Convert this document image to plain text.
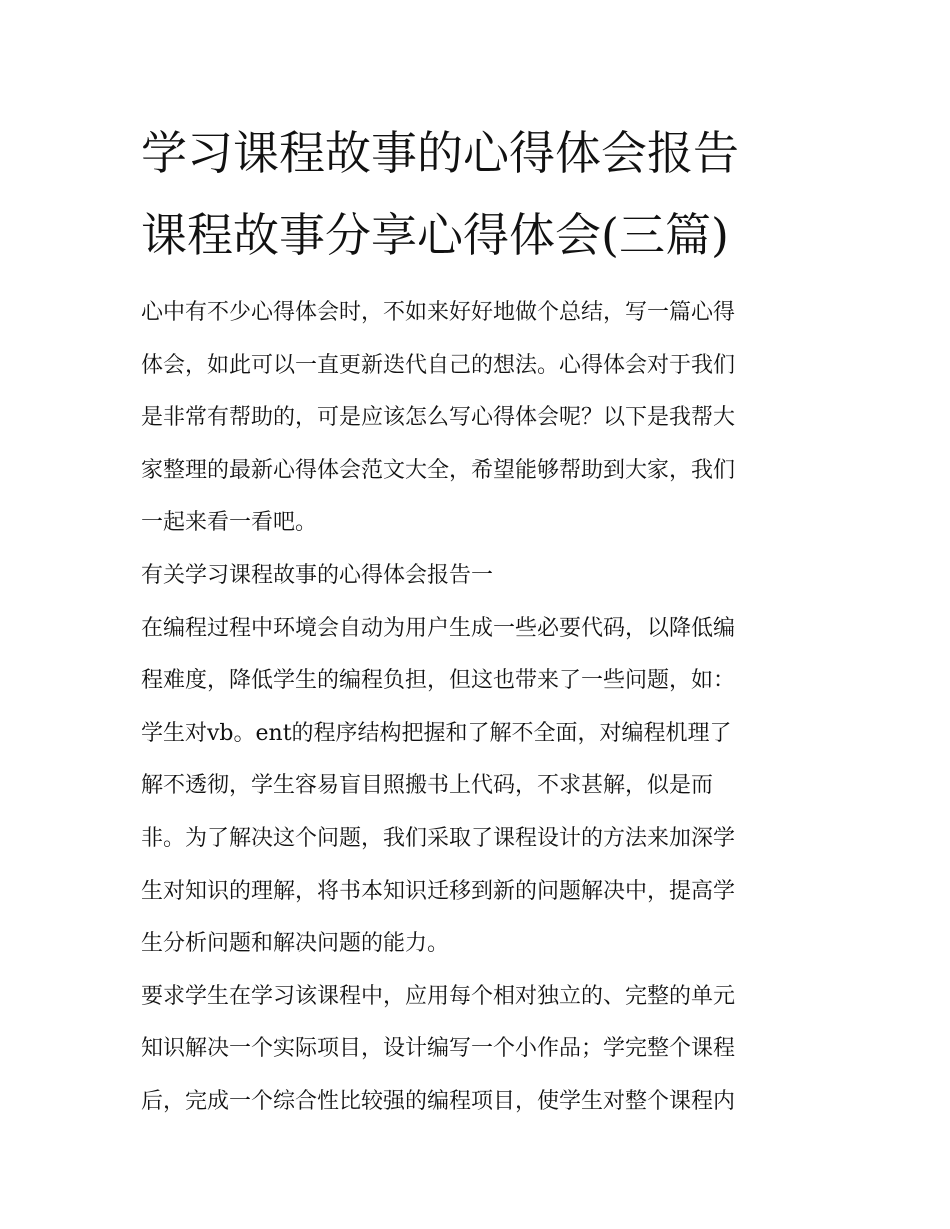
学习课程故事的心得体会报告
课程故事分享心得体会(三篇)

心中有不少心得体会时，不如来好好地做个总结，写一篇心得
体会，如此可以一直更新迭代自己的想法。心得体会对于我们
是非常有帮助的，可是应该怎么写心得体会呢？以下是我帮大
家整理的最新心得体会范文大全，希望能够帮助到大家，我们
一起来看一看吧。

有关学习课程故事的心得体会报告一

在编程过程中环境会自动为用户生成一些必要代码，以降低编
程难度，降低学生的编程负担，但这也带来了一些问题，如：
学生对vb。ent的程序结构把握和了解不全面，对编程机理了
解不透彻，学生容易盲目照搬书上代码，不求甚解，似是而
非。为了解决这个问题，我们采取了课程设计的方法来加深学
生对知识的理解，将书本知识迁移到新的问题解决中，提高学
生分析问题和解决问题的能力。

要求学生在学习该课程中，应用每个相对独立的、完整的单元
知识解决一个实际项目，设计编写一个小作品；学完整个课程
后，完成一个综合性比较强的编程项目，使学生对整个课程内
